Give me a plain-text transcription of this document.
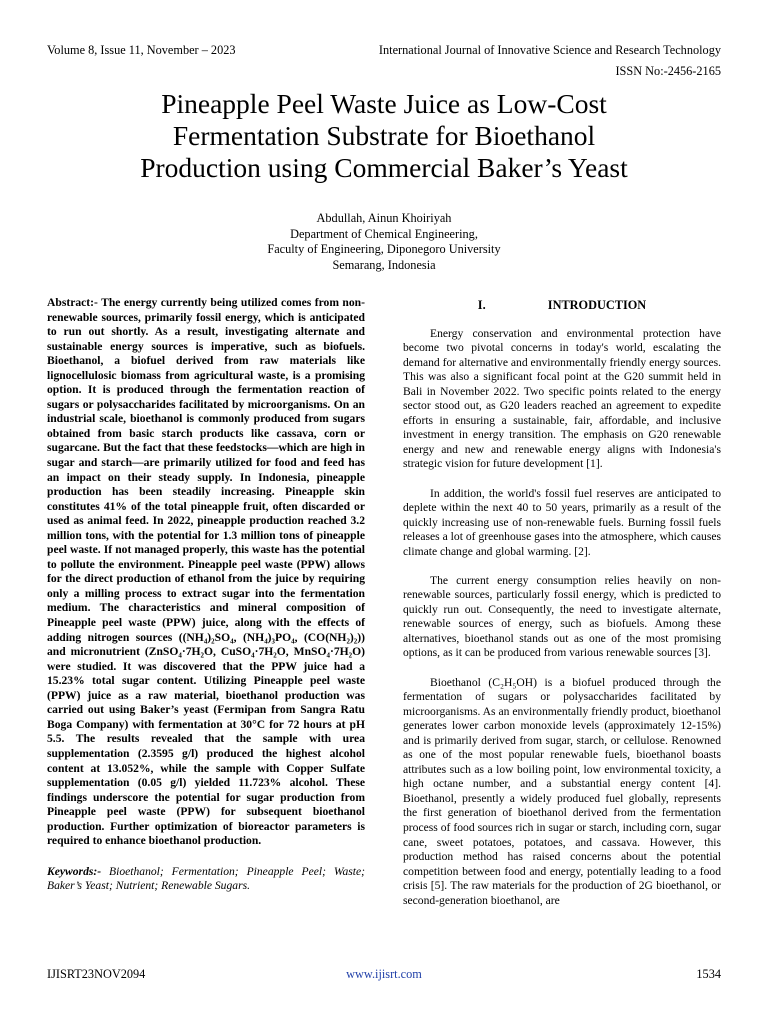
Volume 8, Issue 11, November – 2023	International Journal of Innovative Science and Research Technology
ISSN No:-2456-2165
Pineapple Peel Waste Juice as Low-Cost
Fermentation Substrate for Bioethanol
Production using Commercial Baker’s Yeast
Abdullah, Ainun Khoiriyah
Department of Chemical Engineering,
Faculty of Engineering, Diponegoro University
Semarang, Indonesia

Abstract:- The energy currently being utilized comes from non-renewable sources, primarily fossil energy, which is anticipated to run out shortly. As a result, investigating alternate and sustainable energy sources is imperative, such as biofuels. Bioethanol, a biofuel derived from raw materials like lignocellulosic biomass from agricultural waste, is a promising option. It is produced through the fermentation reaction of sugars or polysaccharides facilitated by microorganisms. On an industrial scale, bioethanol is commonly produced from sugars obtained from basic starch products like cassava, corn or sugarcane. But the fact that these feedstocks—which are high in sugar and starch—are primarily utilized for food and feed has an impact on their steady supply. In Indonesia, pineapple production has been steadily increasing. Pineapple skin constitutes 41% of the total pineapple fruit, often discarded or used as animal feed. In 2022, pineapple production reached 3.2 million tons, with the potential for 1.3 million tons of pineapple peel waste. If not managed properly, this waste has the potential to pollute the environment. Pineapple peel waste (PPW) allows for the direct production of ethanol from the juice by requiring only a milling process to extract sugar into the fermentation medium. The characteristics and mineral composition of Pineapple peel waste (PPW) juice, along with the effects of adding nitrogen sources ((NH₄)₂SO₄, (NH₄)₃PO₄, (CO(NH₂)₂)) and micronutrient (ZnSO₄·7H₂O, CuSO₄·7H₂O, MnSO₄·7H₂O) were studied. It was discovered that the PPW juice had a 15.23% total sugar content. Utilizing Pineapple peel waste (PPW) juice as a raw material, bioethanol production was carried out using Baker’s yeast (Fermipan from Sangra Ratu Boga Company) with fermentation at 30°C for 72 hours at pH 5.5. The results revealed that the sample with urea supplementation (2.3595 g/l) produced the highest alcohol content at 13.052%, while the sample with Copper Sulfate supplementation (0.05 g/l) yielded 11.723% alcohol. These findings underscore the potential for sugar production from Pineapple peel waste (PPW) for subsequent bioethanol production. Further optimization of bioreactor parameters is required to enhance bioethanol production.

Keywords:- Bioethanol; Fermentation; Pineapple Peel; Waste; Baker’s Yeast; Nutrient; Renewable Sugars.

I.	INTRODUCTION

Energy conservation and environmental protection have become two pivotal concerns in today's world, escalating the demand for alternative and environmentally friendly energy sources. This was also a significant focal point at the G20 summit held in Bali in November 2022. Two specific points related to the energy sector stood out, as G20 leaders reached an agreement to expedite efforts in ensuring a sustainable, fair, affordable, and inclusive investment in energy transition. The emphasis on G20 renewable energy and new and renewable energy aligns with Indonesia's strategic vision for future development [1].

In addition, the world's fossil fuel reserves are anticipated to deplete within the next 40 to 50 years, primarily as a result of the quickly increasing use of non-renewable fuels. Burning fossil fuels releases a lot of greenhouse gases into the atmosphere, which causes climate change and global warming. [2].

The current energy consumption relies heavily on non-renewable sources, particularly fossil energy, which is predicted to quickly run out. Consequently, the need to investigate alternate, renewable sources of energy, such as biofuels. Among these alternatives, bioethanol stands out as one of the most promising options, as it can be produced from various renewable sources [3].

Bioethanol (C₂H₅OH) is a biofuel produced through the fermentation of sugars or polysaccharides facilitated by microorganisms. As an environmentally friendly product, bioethanol generates lower carbon monoxide levels (approximately 12-15%) and is primarily derived from sugar, starch, or cellulose. Renowned as one of the most popular renewable fuels, bioethanol boasts attributes such as a low boiling point, low environmental toxicity, a high octane number, and a substantial energy content [4]. Bioethanol, presently a widely produced fuel globally, represents the first generation of bioethanol derived from the fermentation process of food sources rich in sugar or starch, including corn, sugar cane, sweet potatoes, potatoes, and cassava. However, this production method has raised concerns about the potential competition between food and energy, potentially leading to a food crisis [5]. The raw materials for the production of 2G bioethanol, or second-generation bioethanol, are

IJISRT23NOV2094	www.ijisrt.com	1534
